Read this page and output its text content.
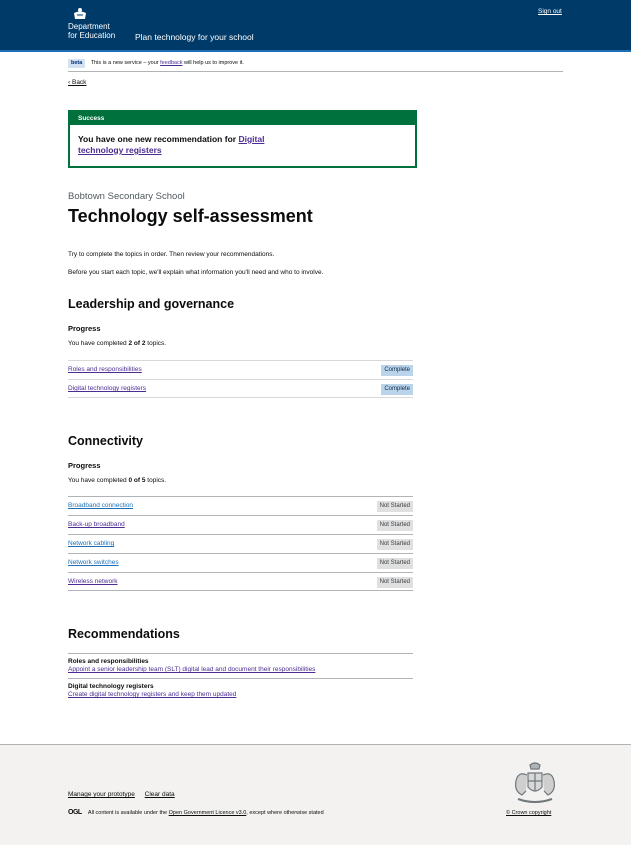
Department
for Education Plan technology for your school
Sign out
beta This is a new service – your feedback will help us to improve it.
‹ Back
Success
You have one new recommendation for Digital technology registers
Bobtown Secondary School
Technology self-assessment

Try to complete the topics in order. Then review your recommendations.

Before you start each topic, we'll explain what information you'll need and who to involve.

Leadership and governance
Progress

You have completed 2 of 2 topics.

Roles and responsibilities	Complete
Digital technology registers	Complete
Connectivity
Progress

You have completed 0 of 5 topics.

Broadband connection	Not Started
Back-up broadband	Not Started
Network cabling	Not Started
Network switches	Not Started
Wireless network	Not Started
Recommendations
Roles and responsibilities
Appoint a senior leadership team (SLT) digital lead and document their responsibilities
Digital technology registers
Create digital technology registers and keep them updated
Manage your prototype Clear data
OGL All content is available under the Open Government Licence v3.0, except where otherwise stated	© Crown copyright
